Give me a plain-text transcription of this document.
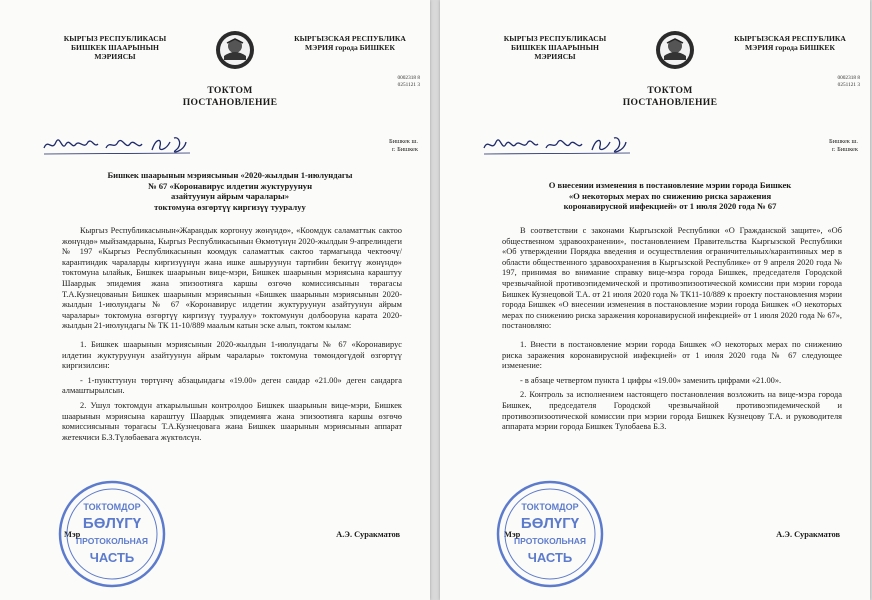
КЫРГЫЗ РЕСПУБЛИКАСЫ
БИШКЕК ШААРЫНЫН
МЭРИЯСЫ
КЫРГЫЗСКАЯ РЕСПУБЛИКА
МЭРИЯ города БИШКЕК
0002318 8
0251121 3
ТОКТОМ
ПОСТАНОВЛЕНИЕ
Бишкек ш.
г. Бишкек
Бишкек шаарынын мэриясынын «2020-жылдын 1-июлундагы
№ 67 «Коронавирус илдетин жуктуруунун
азайтуунун айрым чаралары»
токтомуна өзгөртүү киргизүү тууралуу

Кыргыз Республикасынын«Жарандык коргонуу жөнүндө», «Коомдук саламаттык сактоо жөнүндө» мыйзамдарына, Кыргыз Республикасынын Өкмөтүнүн 2020-жылдын 9-апрелиндеги № 197 «Кыргыз Республикасынын коомдук саламаттык сактоо тармагында чектөөчү/карантиндик чараларды киргизүүнүн жана ишке ашыруунун тартибин бекитүү жөнүндө» токтомуна ылайык, Бишкек шаарынын вице-мэри, Бишкек шаарынын мэриясына караштуу Шаардык эпидемия жана эпизоотияга каршы өзгөчө комиссиясынын төрагасы Т.А.Кузнецованын Бишкек шаарынын мэриясынын «Бишкек шаарынын мэриясынын 2020-жылдын 1-июлундагы № 67 «Коронавирус илдетин жуктуруунун азайтуунун айрым чаралары» токтомуна өзгөртүү киргизүү тууралуу» токтомунун долбооруна карата 2020-жылдын 21-июлундагы № ТК 11-10/889 маалым катын эске алып, токтом кылам:

1. Бишкек шаарынын мэриясынын 2020-жылдын 1-июлундагы № 67 «Коронавирус илдетин жуктуруунун азайтуунун айрым чаралары» токтомуна төмөндөгүдөй өзгөртүү киргизилсин:

- 1-пункттунун төртүнчү абзацындагы «19.00» деген сандар «21.00» деген сандарга алмаштырылсын.

2. Ушул токтомдун аткарылышын контролдоо Бишкек шаарынын вице-мэри, Бишкек шаарынын мэриясына караштуу Шаардык эпидемияга жана эпизоотияга каршы өзгөчө комиссиясынын төрагасы Т.А.Кузнецовага жана Бишкек шаарынын мэриясынын аппарат жетекчиси Б.З.Түлөбаевага жүктөлсүн.

Мэр	А.Э. Суракматов
ТОКТОМДОР
БӨЛҮГҮ
ПРОТОКОЛЬНАЯ
ЧАСТЬ
КЫРГЫЗ РЕСПУБЛИКАСЫ
БИШКЕК ШААРЫНЫН
МЭРИЯСЫ
КЫРГЫЗСКАЯ РЕСПУБЛИКА
МЭРИЯ города БИШКЕК
0002318 8
0251121 3
ТОКТОМ
ПОСТАНОВЛЕНИЕ
Бишкек ш.
г. Бишкек
О внесении изменения в постановление мэрии города Бишкек
«О некоторых мерах по снижению риска заражения
коронавирусной инфекцией» от 1 июля 2020 года № 67

В соответствии с законами Кыргызской Республики «О Гражданской защите», «Об общественном здравоохранении», постановлением Правительства Кыргызской Республики «Об утверждении Порядка введения и осуществления ограничительных/карантинных мер в области общественного здравоохранения в Кыргызской Республике» от 9 апреля 2020 года № 197, принимая во внимание справку вице-мэра города Бишкек, председателя Городской чрезвычайной противоэпидемической и противоэпизоотической комиссии при мэрии города Бишкек Кузнецовой Т.А. от 21 июля 2020 года № ТК11-10/889 к проекту постановления мэрии города Бишкек «О внесении изменения в постановление мэрии города Бишкек «О некоторых мерах по снижению риска заражения коронавирусной инфекцией» от 1 июля 2020 года № 67», постановляю:

1. Внести в постановление мэрии города Бишкек «О некоторых мерах по снижению риска заражения коронавирусной инфекцией» от 1 июля 2020 года № 67 следующее изменение:

- в абзаце четвертом пункта 1 цифры «19.00» заменить цифрами «21.00».

2. Контроль за исполнением настоящего постановления возложить на вице-мэра города Бишкек, председателя Городской чрезвычайной противоэпидемической и противоэпизоотической комиссии при мэрии города Бишкек Кузнецову Т.А. и руководителя аппарата мэрии города Бишкек Тулобаева Б.З.

Мэр	А.Э. Суракматов
ТОКТОМДОР
БӨЛҮГҮ
ПРОТОКОЛЬНАЯ
ЧАСТЬ
